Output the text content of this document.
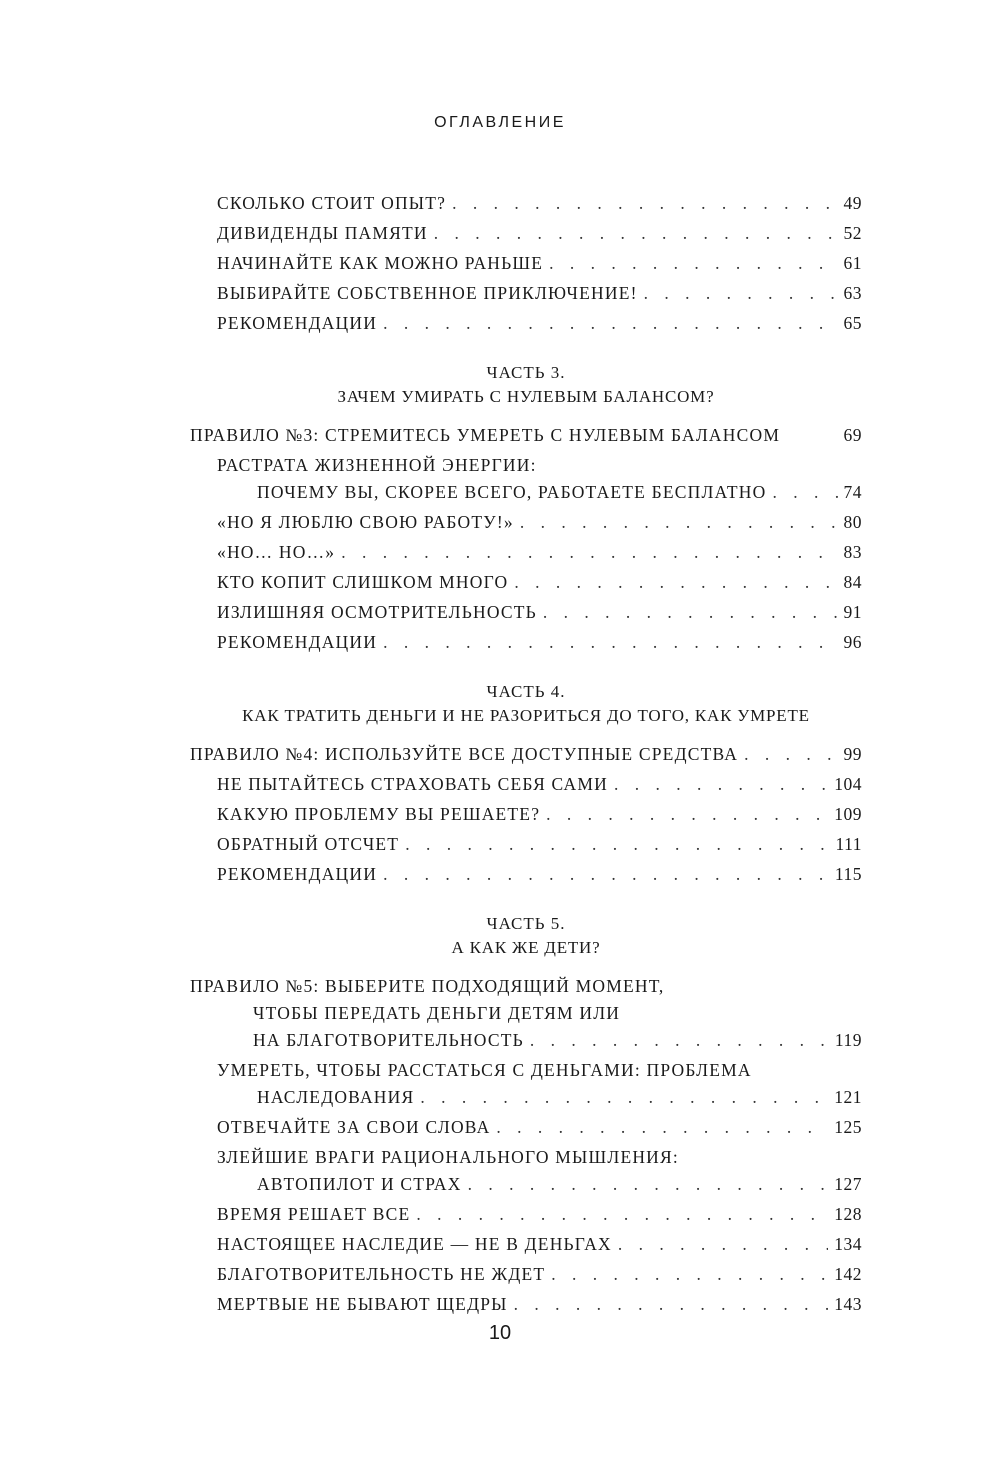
ОГЛАВЛЕНИЕ
СКОЛЬКО СТОИТ ОПЫТ? . . .	49
ДИВИДЕНДЫ ПАМЯТИ . . .	52
НАЧИНАЙТЕ КАК МОЖНО РАНЬШЕ . . .	61
ВЫБИРАЙТЕ СОБСТВЕННОЕ ПРИКЛЮЧЕНИЕ! . . .	63
РЕКОМЕНДАЦИИ . . .	65
ЧАСТЬ 3.
ЗАЧЕМ УМИРАТЬ С НУЛЕВЫМ БАЛАНСОМ?
ПРАВИЛО №3: СТРЕМИТЕСЬ УМЕРЕТЬ С НУЛЕВЫМ БАЛАНСОМ	69
РАСТРАТА ЖИЗНЕННОЙ ЭНЕРГИИ:
ПОЧЕМУ ВЫ, СКОРЕЕ ВСЕГО, РАБОТАЕТЕ БЕСПЛАТНО . . .	74
«НО Я ЛЮБЛЮ СВОЮ РАБОТУ!» . . .	80
«НО… НО…» . . .	83
КТО КОПИТ СЛИШКОМ МНОГО . . .	84
ИЗЛИШНЯЯ ОСМОТРИТЕЛЬНОСТЬ . . .	91
РЕКОМЕНДАЦИИ . . .	96
ЧАСТЬ 4.
КАК ТРАТИТЬ ДЕНЬГИ И НЕ РАЗОРИТЬСЯ ДО ТОГО, КАК УМРЕТЕ
ПРАВИЛО №4: ИСПОЛЬЗУЙТЕ ВСЕ ДОСТУПНЫЕ СРЕДСТВА . . .	99
НЕ ПЫТАЙТЕСЬ СТРАХОВАТЬ СЕБЯ САМИ . . .	104
КАКУЮ ПРОБЛЕМУ ВЫ РЕШАЕТЕ? . . .	109
ОБРАТНЫЙ ОТСЧЕТ . . .	111
РЕКОМЕНДАЦИИ . . .	115
ЧАСТЬ 5.
А КАК ЖЕ ДЕТИ?
ПРАВИЛО №5: ВЫБЕРИТЕ ПОДХОДЯЩИЙ МОМЕНТ,
ЧТОБЫ ПЕРЕДАТЬ ДЕНЬГИ ДЕТЯМ ИЛИ
НА БЛАГОТВОРИТЕЛЬНОСТЬ . . .	119
УМЕРЕТЬ, ЧТОБЫ РАССТАТЬСЯ С ДЕНЬГАМИ: ПРОБЛЕМА
НАСЛЕДОВАНИЯ . . .	121
ОТВЕЧАЙТЕ ЗА СВОИ СЛОВА . . .	125
ЗЛЕЙШИЕ ВРАГИ РАЦИОНАЛЬНОГО МЫШЛЕНИЯ:
АВТОПИЛОТ И СТРАХ . . .	127
ВРЕМЯ РЕШАЕТ ВСЕ . . .	128
НАСТОЯЩЕЕ НАСЛЕДИЕ — НЕ В ДЕНЬГАХ . . .	134
БЛАГОТВОРИТЕЛЬНОСТЬ НЕ ЖДЕТ . . .	142
МЕРТВЫЕ НЕ БЫВАЮТ ЩЕДРЫ . . .	143
10
